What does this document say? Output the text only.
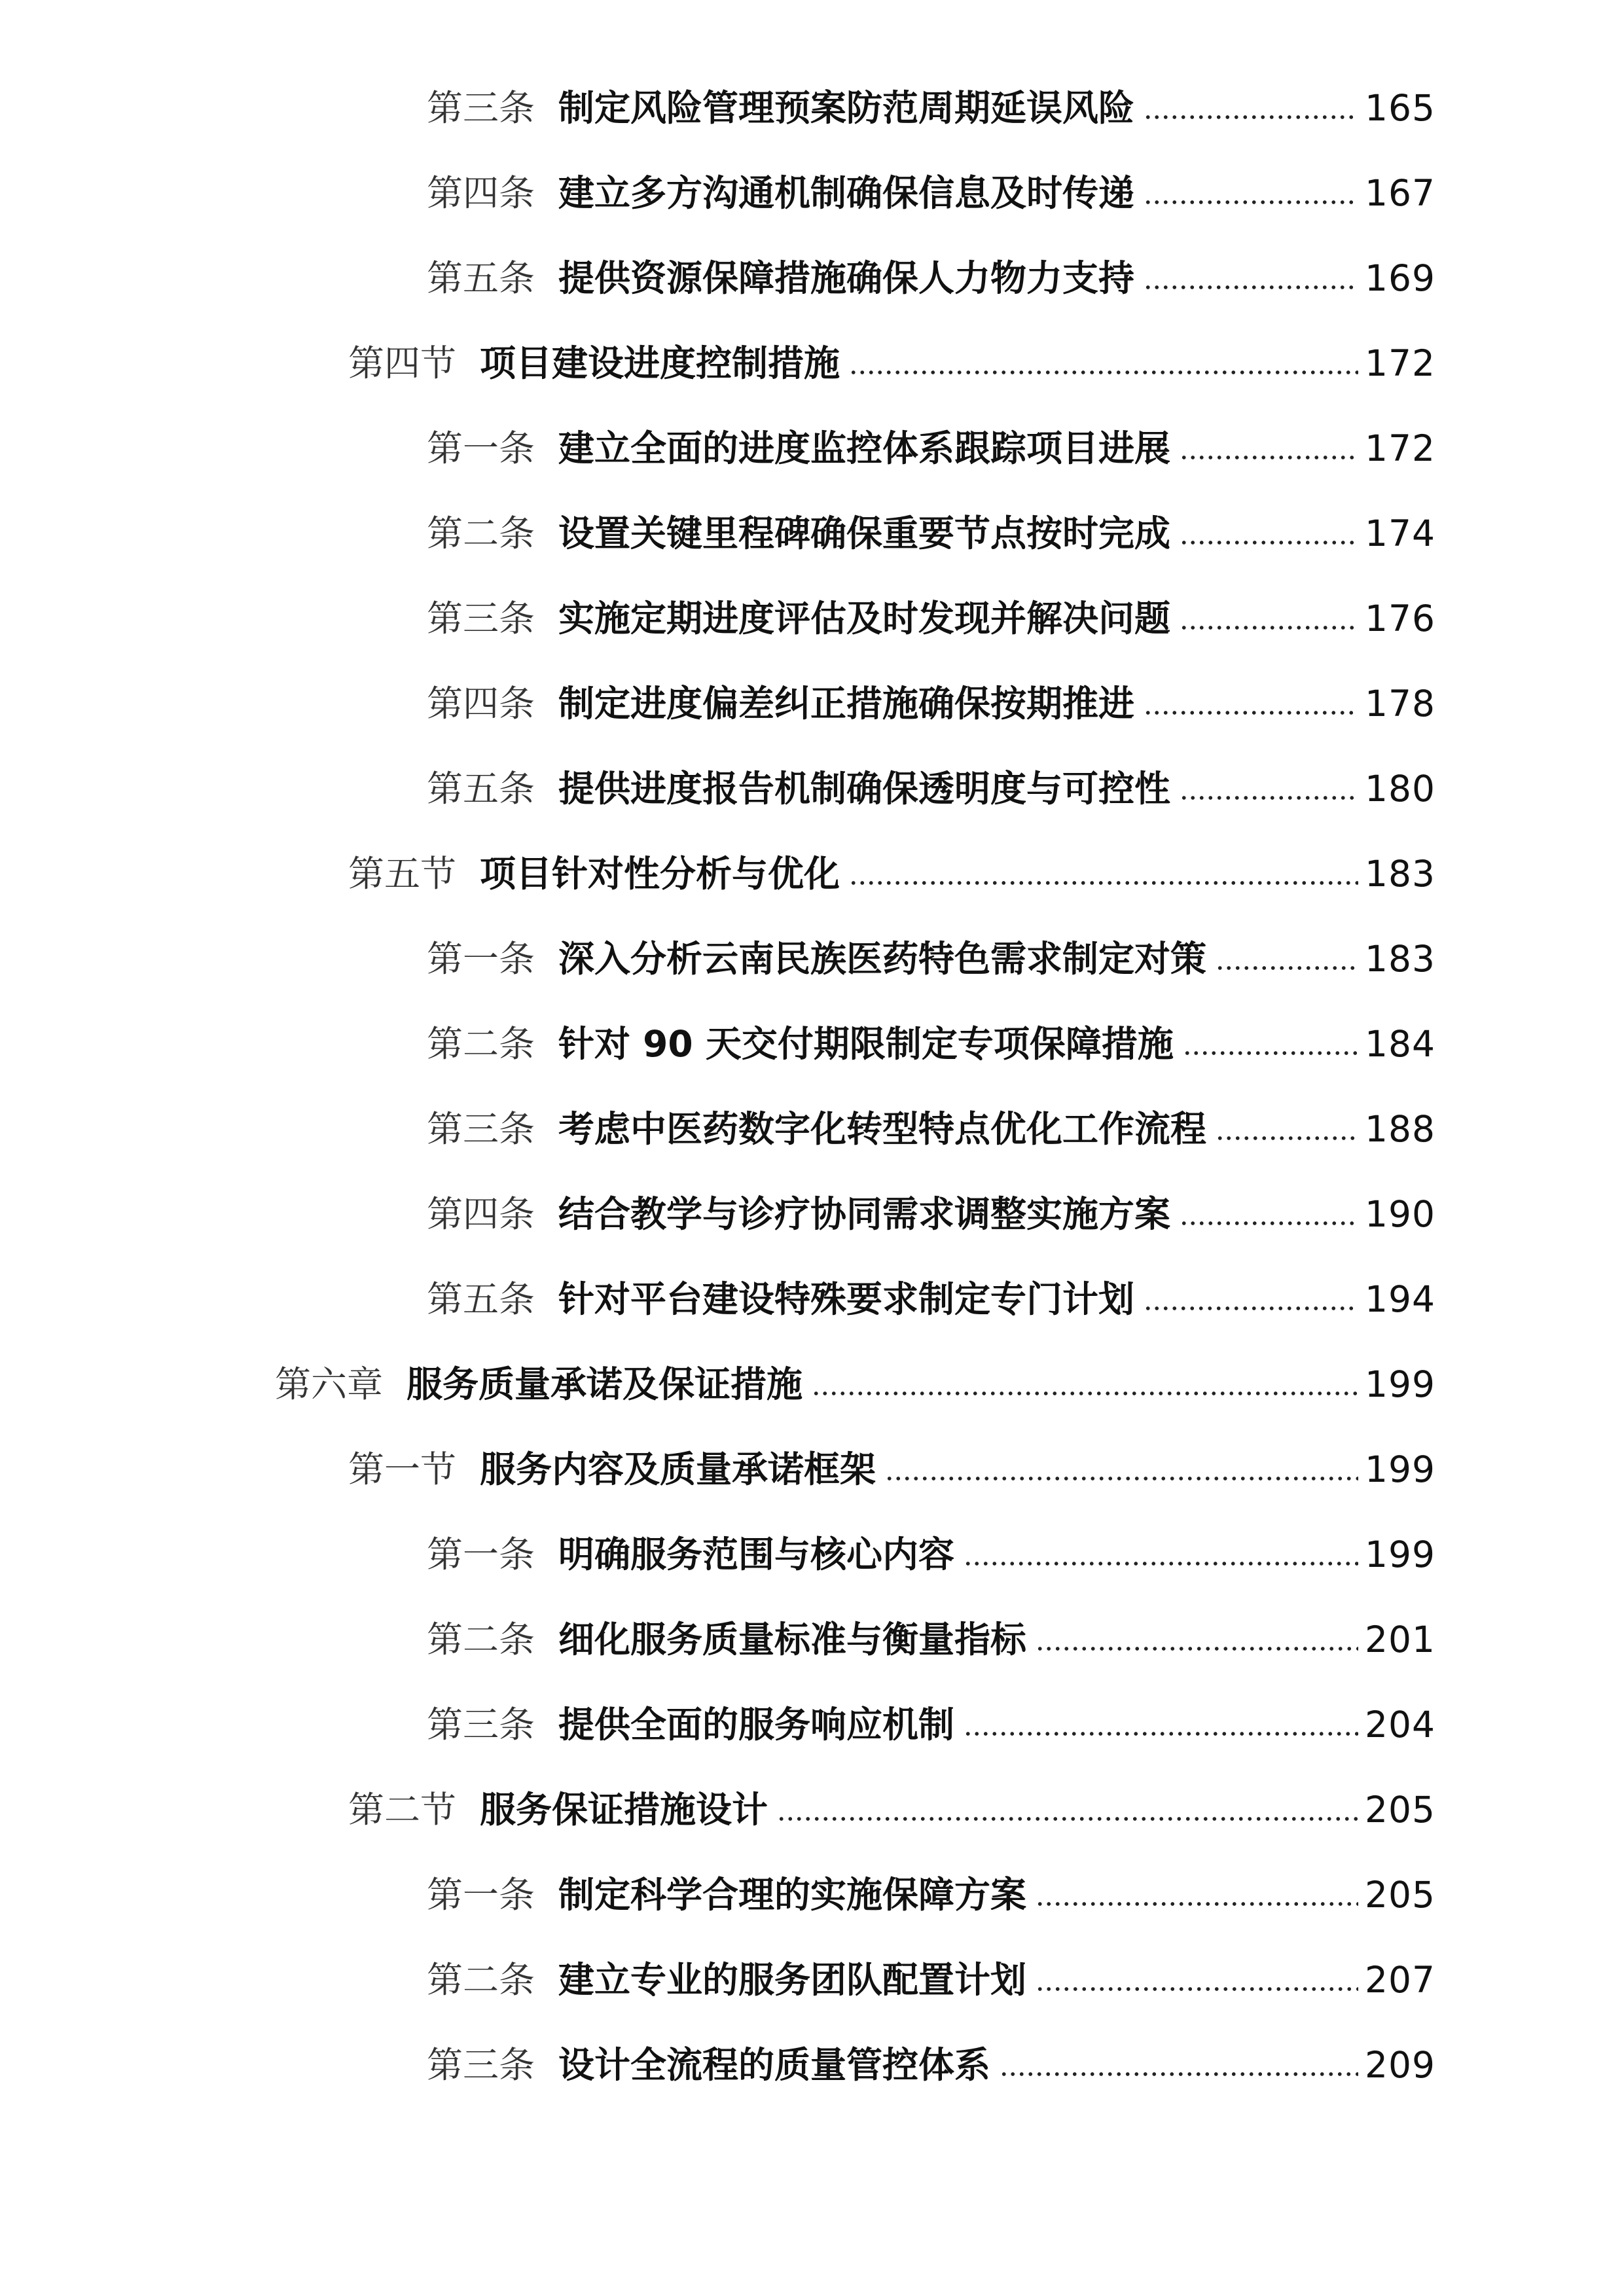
第三条 制定风险管理预案防范周期延误风险	165
第四条 建立多方沟通机制确保信息及时传递	167
第五条 提供资源保障措施确保人力物力支持	169
第四节 项目建设进度控制措施	172
第一条 建立全面的进度监控体系跟踪项目进展	172
第二条 设置关键里程碑确保重要节点按时完成	174
第三条 实施定期进度评估及时发现并解决问题	176
第四条 制定进度偏差纠正措施确保按期推进	178
第五条 提供进度报告机制确保透明度与可控性	180
第五节 项目针对性分析与优化	183
第一条 深入分析云南民族医药特色需求制定对策	183
第二条 针对 90 天交付期限制定专项保障措施	184
第三条 考虑中医药数字化转型特点优化工作流程	188
第四条 结合教学与诊疗协同需求调整实施方案	190
第五条 针对平台建设特殊要求制定专门计划	194
第六章 服务质量承诺及保证措施	199
第一节 服务内容及质量承诺框架	199
第一条 明确服务范围与核心内容	199
第二条 细化服务质量标准与衡量指标	201
第三条 提供全面的服务响应机制	204
第二节 服务保证措施设计	205
第一条 制定科学合理的实施保障方案	205
第二条 建立专业的服务团队配置计划	207
第三条 设计全流程的质量管控体系	209
